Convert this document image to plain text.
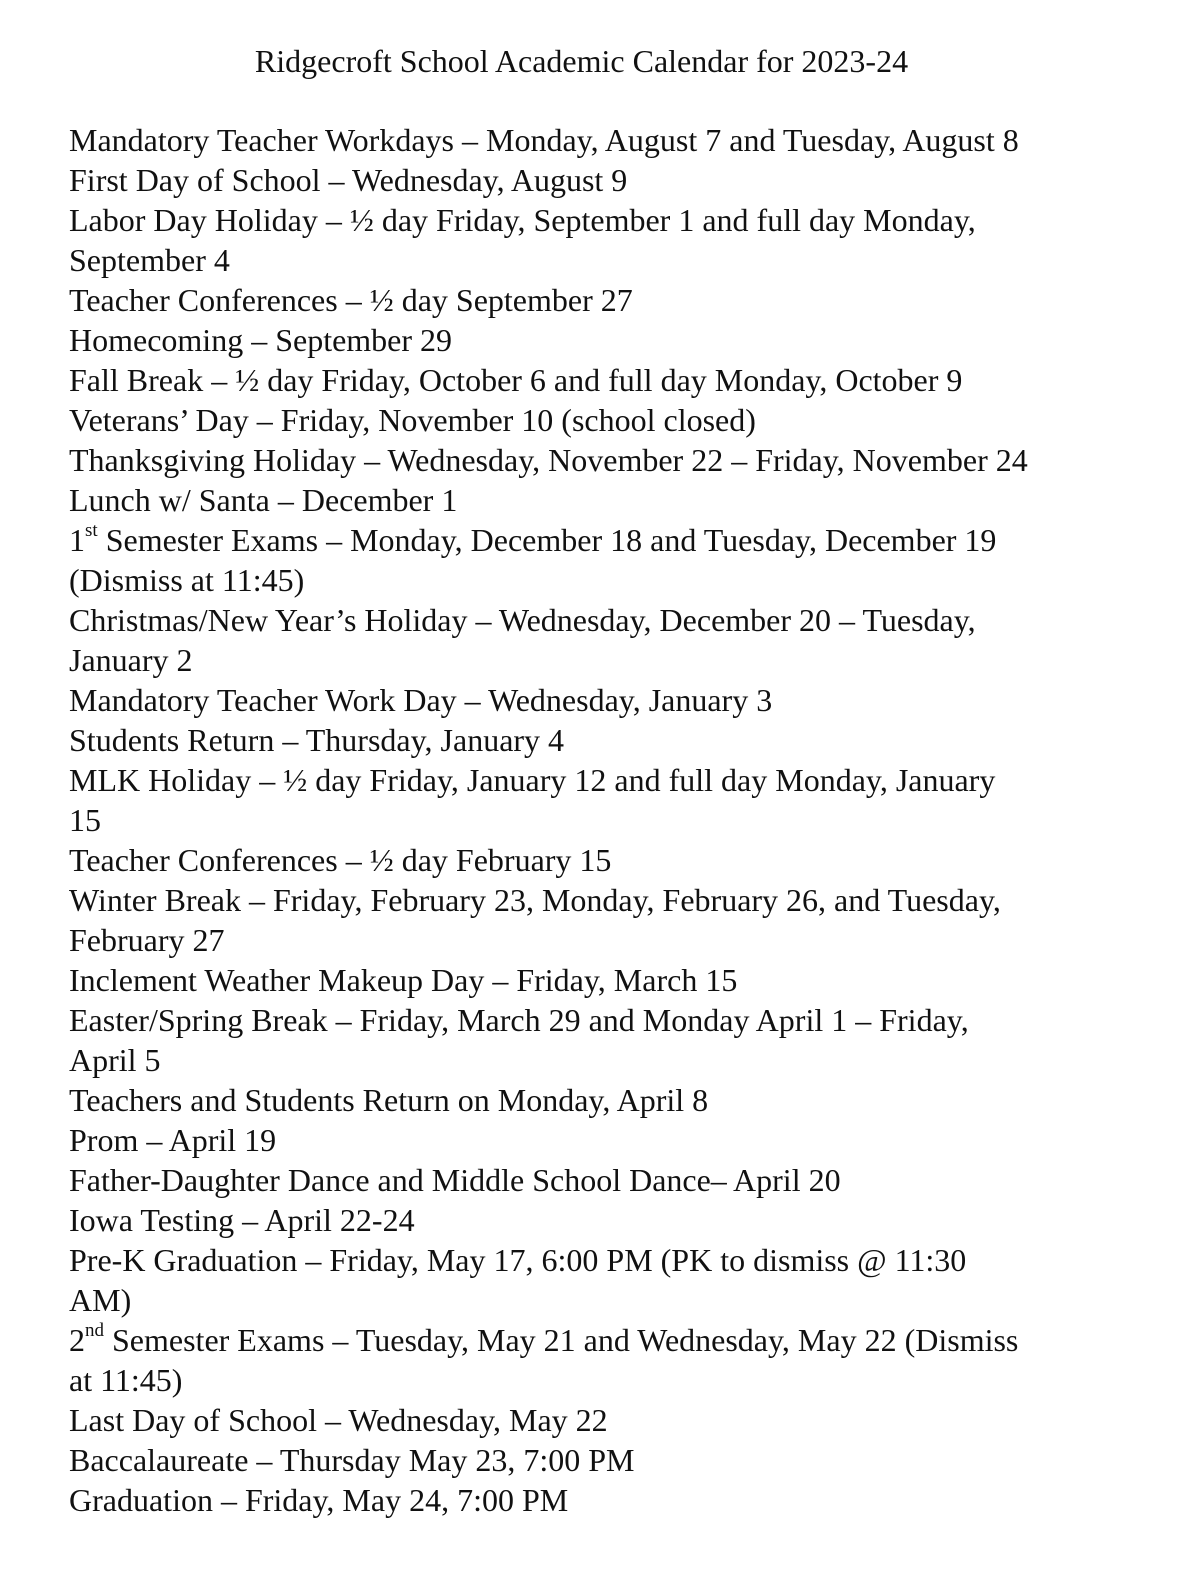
Ridgecroft School Academic Calendar for 2023-24
Mandatory Teacher Workdays – Monday, August 7 and Tuesday, August 8
First Day of School – Wednesday, August 9
Labor Day Holiday – ½ day Friday, September 1 and full day Monday,
September 4
Teacher Conferences – ½ day September 27
Homecoming – September 29
Fall Break – ½ day Friday, October 6 and full day Monday, October 9
Veterans’ Day – Friday, November 10 (school closed)
Thanksgiving Holiday – Wednesday, November 22 – Friday, November 24
Lunch w/ Santa – December 1
1st Semester Exams – Monday, December 18 and Tuesday, December 19
(Dismiss at 11:45)
Christmas/New Year’s Holiday – Wednesday, December 20 – Tuesday,
January 2
Mandatory Teacher Work Day – Wednesday, January 3
Students Return – Thursday, January 4
MLK Holiday – ½ day Friday, January 12 and full day Monday, January
15
Teacher Conferences – ½ day February 15
Winter Break – Friday, February 23, Monday, February 26, and Tuesday,
February 27
Inclement Weather Makeup Day – Friday, March 15
Easter/Spring Break – Friday, March 29 and Monday April 1 – Friday,
April 5
Teachers and Students Return on Monday, April 8
Prom – April 19
Father-Daughter Dance and Middle School Dance– April 20
Iowa Testing – April 22-24
Pre-K Graduation – Friday, May 17, 6:00 PM (PK to dismiss @ 11:30
AM)
2nd Semester Exams – Tuesday, May 21 and Wednesday, May 22 (Dismiss
at 11:45)
Last Day of School – Wednesday, May 22
Baccalaureate – Thursday May 23, 7:00 PM
Graduation – Friday, May 24, 7:00 PM
